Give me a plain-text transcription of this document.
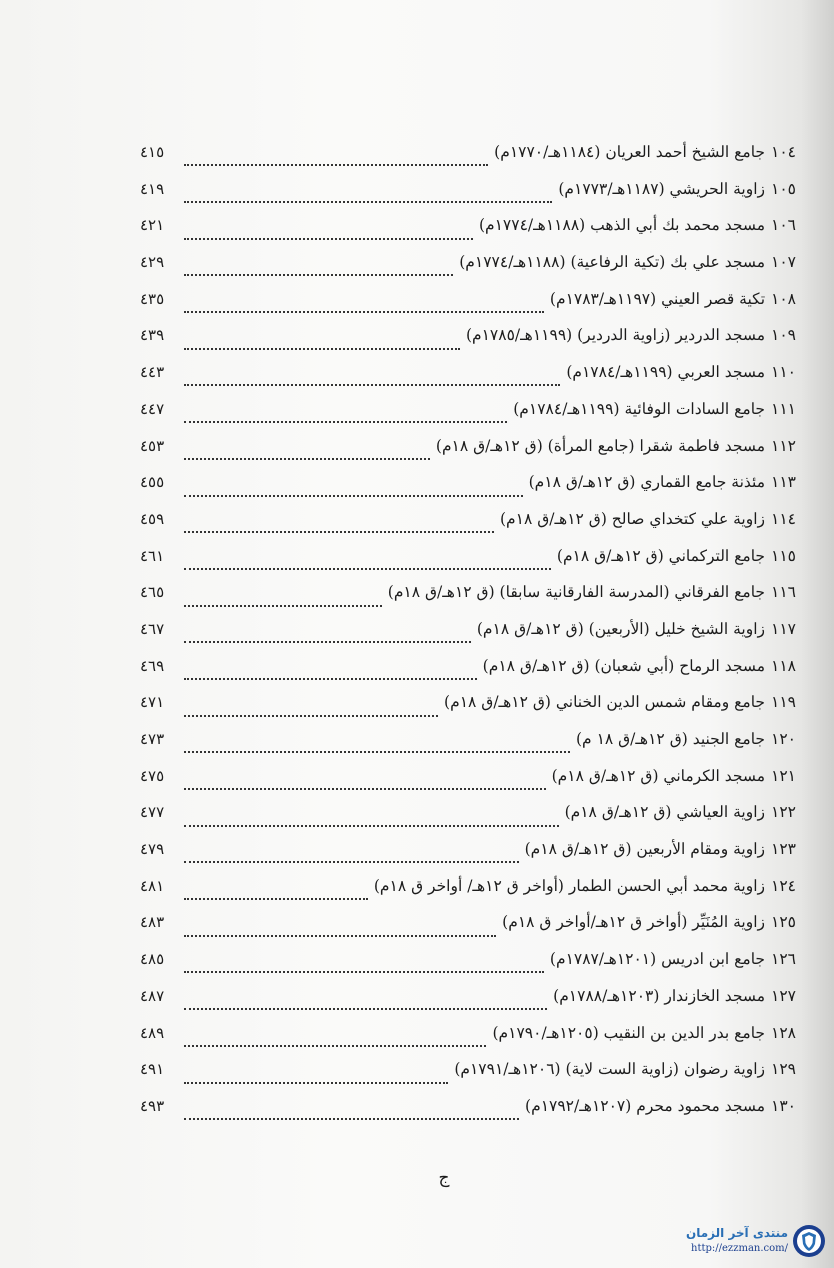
١٠٤
جامع الشيخ أحمد العريان (١١٨٤هـ/١٧٧٠م)
٤١٥
١٠٥
زاوية الحريشي (١١٨٧هـ/١٧٧٣م)
٤١٩
١٠٦
مسجد محمد بك أبي الذهب (١١٨٨هـ/١٧٧٤م)
٤٢١
١٠٧
مسجد علي بك (تكية الرفاعية) (١١٨٨هـ/١٧٧٤م)
٤٢٩
١٠٨
تكية قصر العيني (١١٩٧هـ/١٧٨٣م)
٤٣٥
١٠٩
مسجد الدردير (زاوية الدردير) (١١٩٩هـ/١٧٨٥م)
٤٣٩
١١٠
مسجد العربي (١١٩٩هـ/١٧٨٤م)
٤٤٣
١١١
جامع السادات الوفائية (١١٩٩هـ/١٧٨٤م)
٤٤٧
١١٢
مسجد فاطمة شقرا (جامع المرأة) (ق ١٢هـ/ق ١٨م)
٤٥٣
١١٣
مئذنة جامع القماري (ق ١٢هـ/ق ١٨م)
٤٥٥
١١٤
زاوية علي كتخداي صالح (ق ١٢هـ/ق ١٨م)
٤٥٩
١١٥
جامع التركماني (ق ١٢هـ/ق ١٨م)
٤٦١
١١٦
جامع الفرقاني (المدرسة الفارقانية سابقا) (ق ١٢هـ/ق ١٨م)
٤٦٥
١١٧
زاوية الشيخ خليل (الأربعين) (ق ١٢هـ/ق ١٨م)
٤٦٧
١١٨
مسجد الرماح (أبي شعبان) (ق ١٢هـ/ق ١٨م)
٤٦٩
١١٩
جامع ومقام شمس الدين الخناني (ق ١٢هـ/ق ١٨م)
٤٧١
١٢٠
جامع الجنيد (ق ١٢هـ/ق ١٨ م)
٤٧٣
١٢١
مسجد الكرماني (ق ١٢هـ/ق ١٨م)
٤٧٥
١٢٢
زاوية العياشي (ق ١٢هـ/ق ١٨م)
٤٧٧
١٢٣
زاوية ومقام الأربعين (ق ١٢هـ/ق ١٨م)
٤٧٩
١٢٤
زاوية محمد أبي الحسن الطمار (أواخر ق ١٢هـ/ أواخر ق ١٨م)
٤٨١
١٢٥
زاوية المُنَيِّر (أواخر ق ١٢هـ/أواخر ق ١٨م)
٤٨٣
١٢٦
جامع ابن ادريس (١٢٠١هـ/١٧٨٧م)
٤٨٥
١٢٧
مسجد الخازندار (١٢٠٣هـ/١٧٨٨م)
٤٨٧
١٢٨
جامع بدر الدين بن النقيب (١٢٠٥هـ/١٧٩٠م)
٤٨٩
١٢٩
زاوية رضوان (زاوية الست لاية) (١٢٠٦هـ/١٧٩١م)
٤٩١
١٣٠
مسجد محمود محرم (١٢٠٧هـ/١٧٩٢م)
٤٩٣
ج
منتدى آخر الزمان
http://ezzman.com/
